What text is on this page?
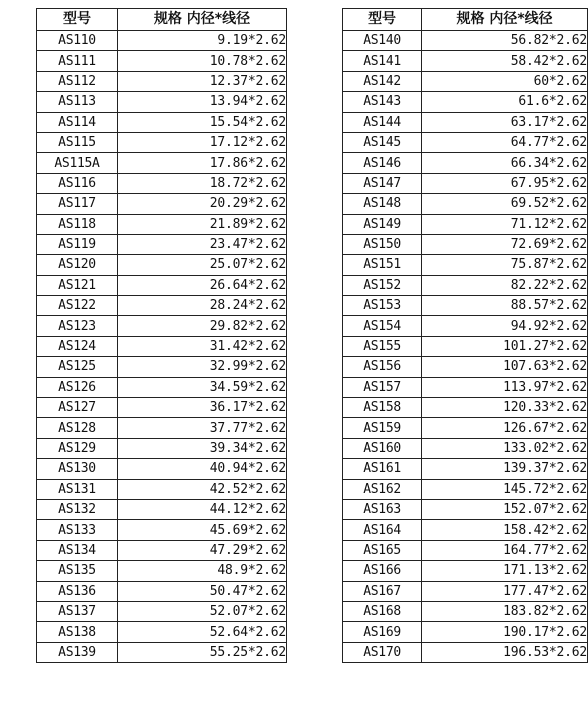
型号	规格 内径*线径
AS110	9.19*2.62
AS111	10.78*2.62
AS112	12.37*2.62
AS113	13.94*2.62
AS114	15.54*2.62
AS115	17.12*2.62
AS115A	17.86*2.62
AS116	18.72*2.62
AS117	20.29*2.62
AS118	21.89*2.62
AS119	23.47*2.62
AS120	25.07*2.62
AS121	26.64*2.62
AS122	28.24*2.62
AS123	29.82*2.62
AS124	31.42*2.62
AS125	32.99*2.62
AS126	34.59*2.62
AS127	36.17*2.62
AS128	37.77*2.62
AS129	39.34*2.62
AS130	40.94*2.62
AS131	42.52*2.62
AS132	44.12*2.62
AS133	45.69*2.62
AS134	47.29*2.62
AS135	48.9*2.62
AS136	50.47*2.62
AS137	52.07*2.62
AS138	52.64*2.62
AS139	55.25*2.62
型号	规格 内径*线径
AS140	56.82*2.62
AS141	58.42*2.62
AS142	60*2.62
AS143	61.6*2.62
AS144	63.17*2.62
AS145	64.77*2.62
AS146	66.34*2.62
AS147	67.95*2.62
AS148	69.52*2.62
AS149	71.12*2.62
AS150	72.69*2.62
AS151	75.87*2.62
AS152	82.22*2.62
AS153	88.57*2.62
AS154	94.92*2.62
AS155	101.27*2.62
AS156	107.63*2.62
AS157	113.97*2.62
AS158	120.33*2.62
AS159	126.67*2.62
AS160	133.02*2.62
AS161	139.37*2.62
AS162	145.72*2.62
AS163	152.07*2.62
AS164	158.42*2.62
AS165	164.77*2.62
AS166	171.13*2.62
AS167	177.47*2.62
AS168	183.82*2.62
AS169	190.17*2.62
AS170	196.53*2.62
